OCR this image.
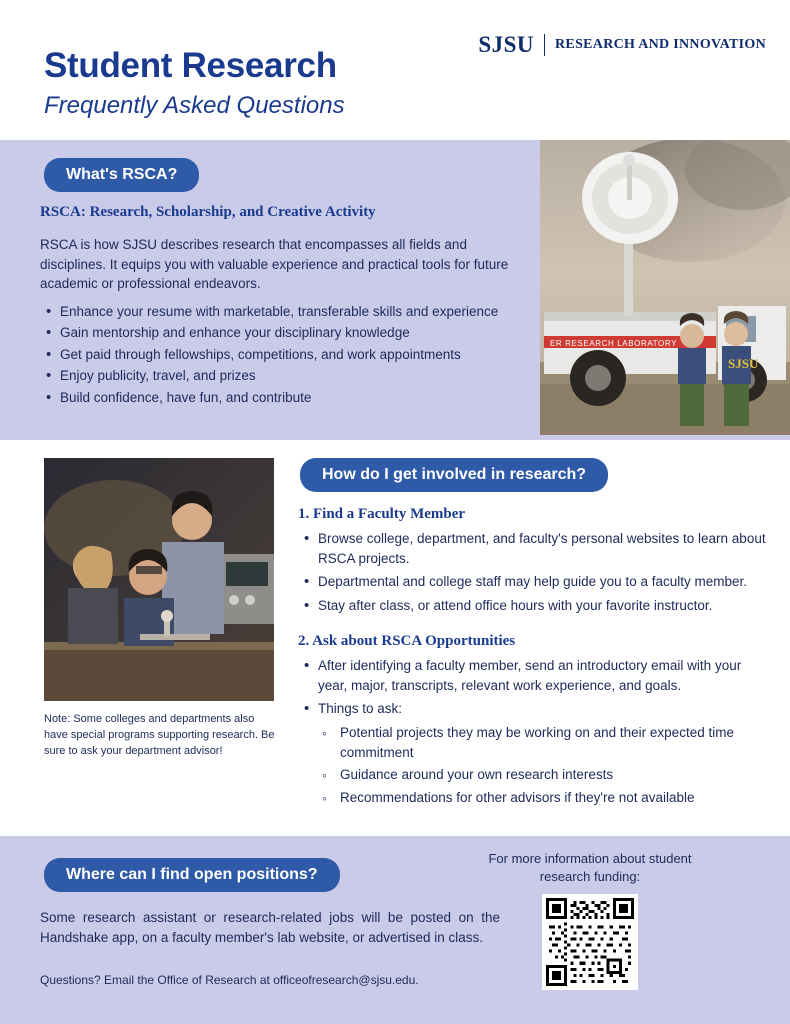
SJSU RESEARCH AND INNOVATION
Student Research
Frequently Asked Questions
What's RSCA?
RSCA: Research, Scholarship, and Creative Activity
RSCA is how SJSU describes research that encompasses all fields and disciplines. It equips you with valuable experience and practical tools for future academic or professional endeavors.
• Enhance your resume with marketable, transferable skills and experience
• Gain mentorship and enhance your disciplinary knowledge
• Get paid through fellowships, competitions, and work appointments
• Enjoy publicity, travel, and prizes
• Build confidence, have fun, and contribute
ER RESEARCH LABORATORY
SJSU
Note: Some colleges and departments also have special programs supporting research. Be sure to ask your department advisor!
How do I get involved in research?
1. Find a Faculty Member
• Browse college, department, and faculty's personal websites to learn about RSCA projects.
• Departmental and college staff may help guide you to a faculty member.
• Stay after class, or attend office hours with your favorite instructor.
2. Ask about RSCA Opportunities
• After identifying a faculty member, send an introductory email with your year, major, transcripts, relevant work experience, and goals.
• Things to ask:
◦ Potential projects they may be working on and their expected time commitment
◦ Guidance around your own research interests
◦ Recommendations for other advisors if they're not available
Where can I find open positions?
Some research assistant or research-related jobs will be posted on the Handshake app, on a faculty member's lab website, or advertised in class.
Questions? Email the Office of Research at officeofresearch@sjsu.edu.
For more information about student research funding:
